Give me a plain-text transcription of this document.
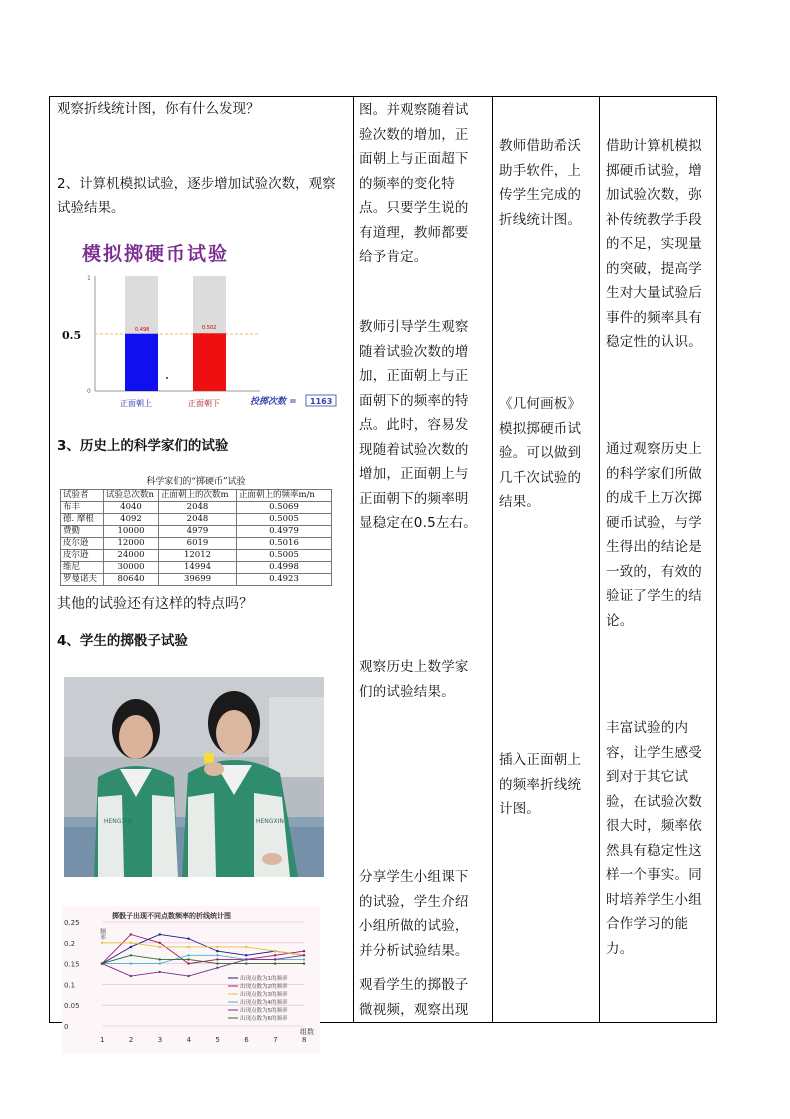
观察折线统计图，你有什么发现？
2、计算机模拟试验，逐步增加试验次数，观察试验结果。
模拟掷硬币试验
1
0.5
0
0.498	0.502
正面朝上	正面朝下	投掷次数 = 1163
3、历史上的科学家们的试验
科学家们的“掷硬币”试验
试验者	试验总次数n	正面朝上的次数m	正面朝上的频率m/n
布丰	4040	2048	0.5069
德. 摩根	4092	2048	0.5005
费勤	10000	4979	0.4979
皮尔逊	12000	6019	0.5016
皮尔逊	24000	12012	0.5005
维尼	30000	14994	0.4998
罗曼诺夫	80640	39699	0.4923
其他的试验还有这样的特点吗？
4、学生的掷骰子试验
HENGXIN	HENGXIN
掷骰子出现不同点数频率的折线统计图
频率
组数
0.25
0.2
0.15
0.1
0.05
0
1	2	3	4	5	6	7	8
出现点数为1的频率
出现点数为2的频率
出现点数为3的频率
出现点数为4的频率
出现点数为5的频率
出现点数为6的频率
图。并观察随着试
验次数的增加，正
面朝上与正面超下
的频率的变化特
点。只要学生说的
有道理，教师都要
给予肯定。
教师引导学生观察
随着试验次数的增
加，正面朝上与正
面朝下的频率的特
点。此时，容易发
现随着试验次数的
增加，正面朝上与
正面朝下的频率明
显稳定在0.5左右。
观察历史上数学家
们的试验结果。
分享学生小组课下
的试验，学生介绍
小组所做的试验，
并分析试验结果。
观看学生的掷骰子
微视频，观察出现
教师借助希沃
助手软件，上
传学生完成的
折线统计图。
《几何画板》
模拟掷硬币试
验。可以做到
几千次试验的
结果。
插入正面朝上
的频率折线统
计图。
借助计算机模拟
掷硬币试验，增
加试验次数，弥
补传统教学手段
的不足，实现量
的突破，提高学
生对大量试验后
事件的频率具有
稳定性的认识。
通过观察历史上
的科学家们所做
的成千上万次掷
硬币试验，与学
生得出的结论是
一致的，有效的
验证了学生的结
论。
丰富试验的内
容，让学生感受
到对于其它试
验，在试验次数
很大时，频率依
然具有稳定性这
样一个事实。同
时培养学生小组
合作学习的能
力。
